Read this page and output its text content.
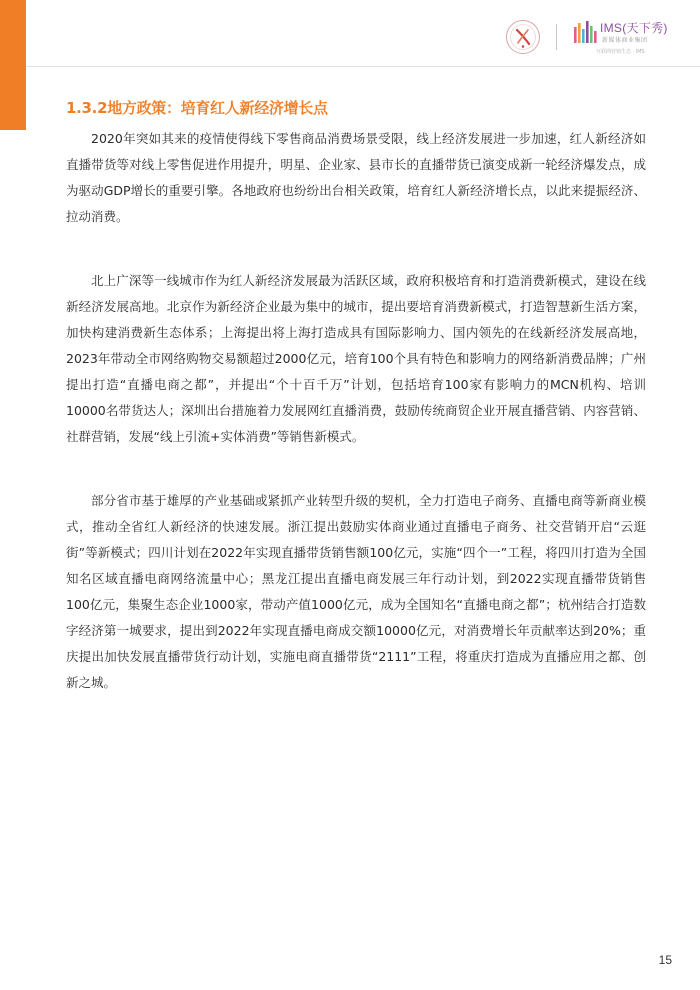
IMS(天下秀)
新媒体商业集团
互联网营销生态 · IMS
1.3.2地方政策：培育红人新经济增长点

2020年突如其来的疫情使得线下零售商品消费场景受限，线上经济发展进一步加速，红人新经济如直播带货等对线上零售促进作用提升，明星、企业家、县市长的直播带货已演变成新一轮经济爆发点，成为驱动GDP增长的重要引擎。各地政府也纷纷出台相关政策，培育红人新经济增长点，以此来提振经济、拉动消费。

北上广深等一线城市作为红人新经济发展最为活跃区域，政府积极培育和打造消费新模式，建设在线新经济发展高地。北京作为新经济企业最为集中的城市，提出要培育消费新模式，打造智慧新生活方案，加快构建消费新生态体系；上海提出将上海打造成具有国际影响力、国内领先的在线新经济发展高地，2023年带动全市网络购物交易额超过2000亿元，培育100个具有特色和影响力的网络新消费品牌；广州提出打造“直播电商之都”，并提出“个十百千万”计划，包括培育100家有影响力的MCN机构、培训10000名带货达人；深圳出台措施着力发展网红直播消费，鼓励传统商贸企业开展直播营销、内容营销、社群营销，发展“线上引流+实体消费”等销售新模式。

部分省市基于雄厚的产业基础或紧抓产业转型升级的契机，全力打造电子商务、直播电商等新商业模式，推动全省红人新经济的快速发展。浙江提出鼓励实体商业通过直播电子商务、社交营销开启“云逛街”等新模式；四川计划在2022年实现直播带货销售额100亿元，实施“四个一”工程，将四川打造为全国知名区域直播电商网络流量中心；黑龙江提出直播电商发展三年行动计划，到2022实现直播带货销售100亿元，集聚生态企业1000家，带动产值1000亿元，成为全国知名“直播电商之都”；杭州结合打造数字经济第一城要求，提出到2022年实现直播电商成交额10000亿元，对消费增长年贡献率达到20%；重庆提出加快发展直播带货行动计划，实施电商直播带货“2111”工程，将重庆打造成为直播应用之都、创新之城。

15
